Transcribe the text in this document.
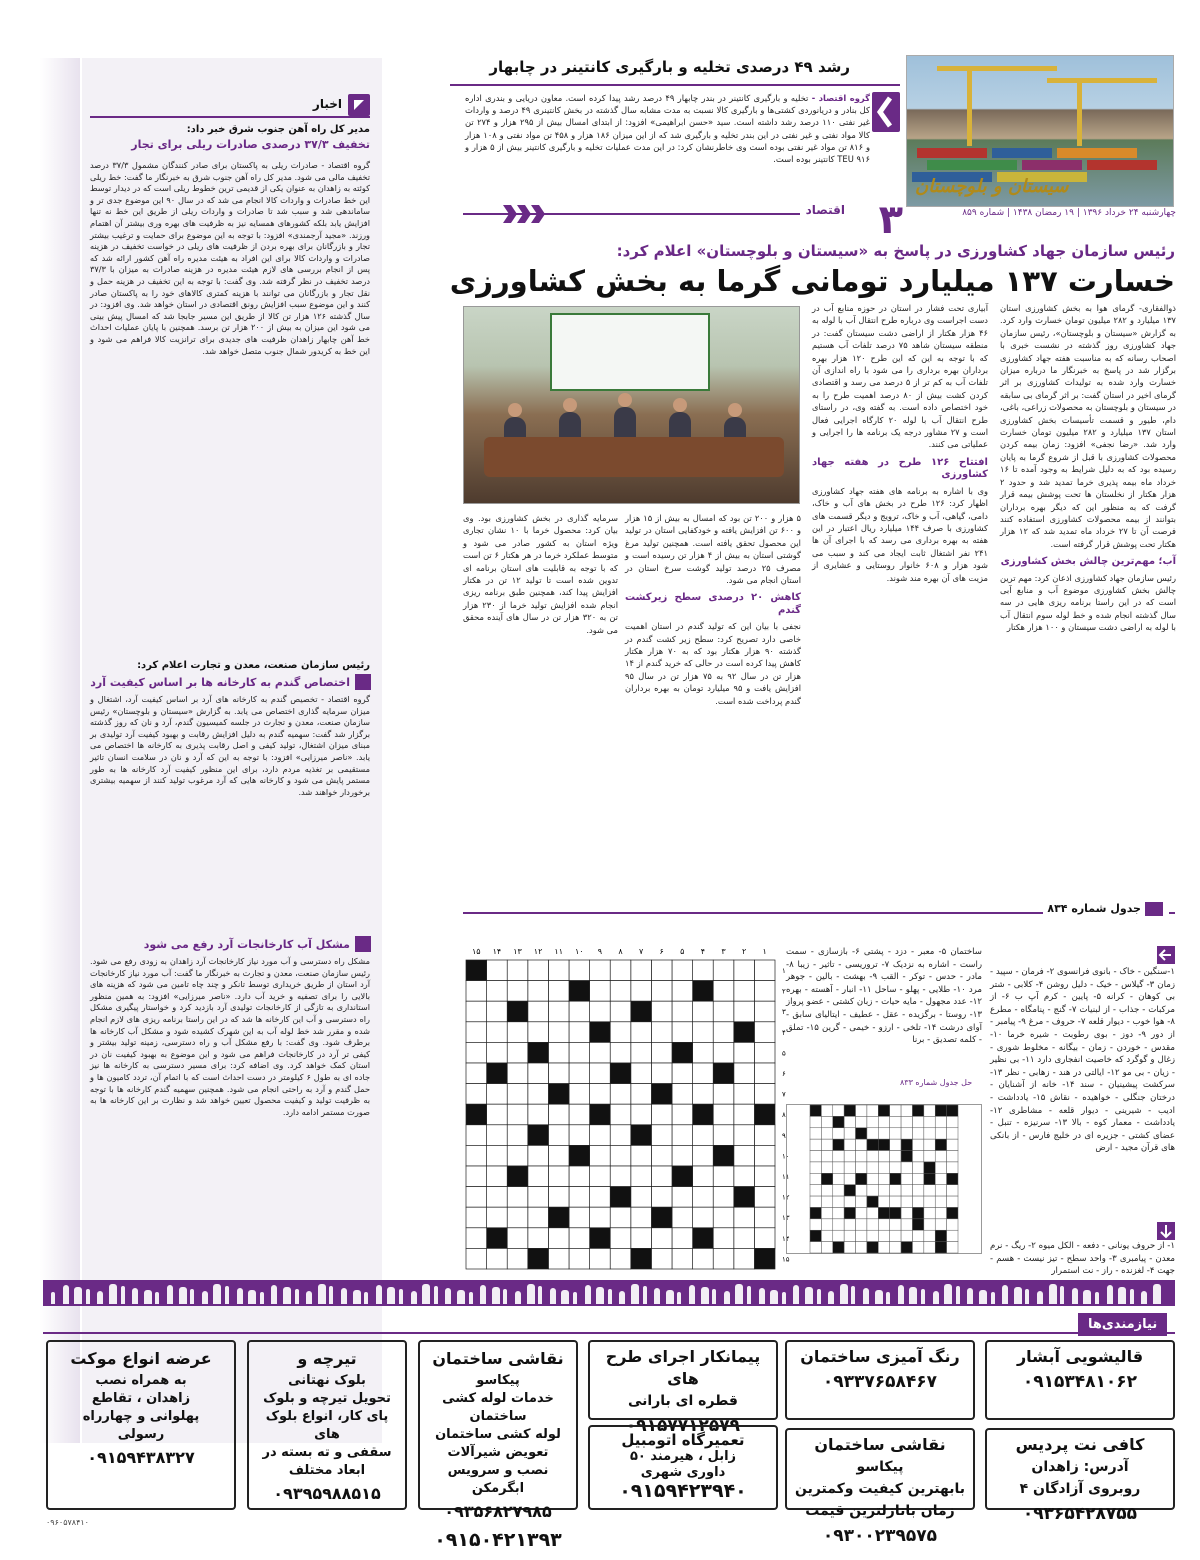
رشد ۴۹ درصدی تخلیه و بارگیری کانتینر در چابهار
گروه اقتصاد - تخلیه و بارگیری کانتینر در بندر چابهار ۴۹ درصد رشد پیدا کرده است. معاون دریایی و بندری اداره کل بنادر و دریانوردی کشتی‌ها و بارگیری کالا نسبت به مدت مشابه سال گذشته در بخش کانتینری ۴۹ درصد و واردات غیر نفتی ۱۱۰ درصد رشد داشته است. سید «حسن ابراهیمی» افزود: از ابتدای امسال بیش از ۲۹۵ هزار و ۲۷۴ تن کالا مواد نفتی و غیر نفتی در این بندر تخلیه و بارگیری شد که از این میزان ۱۸۶ هزار و ۴۵۸ تن مواد نفتی و ۱۰۸ هزار و ۸۱۶ تن مواد غیر نفتی بوده است وی خاطرنشان کرد: در این مدت عملیات تخلیه و بارگیری کانتینر بیش از ۵ هزار و ۹۱۶ TEU کانتینر بوده است.
سیستان و بلوچستان
چهارشنبه ۲۴ خرداد ۱۳۹۶ | ۱۹ رمضان ۱۴۳۸ | شماره ۸۵۹
اقتصاد ۳
رئیس سازمان جهاد کشاورزی در پاسخ به «سیستان و بلوچستان» اعلام کرد:
خسارت ۱۳۷ میلیارد تومانی گرما به بخش کشاورزی
ذوالفقاری- گرمای هوا به بخش کشاورزی استان ۱۳۷ میلیارد و ۲۸۲ میلیون تومان خسارت وارد کرد. به گزارش «سیستان و بلوچستان»، رئیس سازمان جهاد کشاورزی روز گذشته در نشست خبری با اصحاب رسانه که به مناسبت هفته جهاد کشاورزی برگزار شد در پاسخ به خبرنگار ما درباره میزان خسارت وارد شده به تولیدات کشاورزی بر اثر گرمای اخیر در استان گفت: بر اثر گرمای بی سابقه در سیستان و بلوچستان به محصولات زراعی، باغی، دام، طیور و قسمت تأسیسات بخش کشاورزی استان ۱۳۷ میلیارد و ۲۸۲ میلیون تومان خسارت وارد شد. «رضا نجفی» افزود: زمان بیمه کردن محصولات کشاورزی با قبل از شروع گرما به پایان رسیده بود که به دلیل شرایط به وجود آمده تا ۱۶ خرداد ماه بیمه پذیری خرما تمدید شد و حدود ۲ هزار هکتار از نخلستان ها تحت پوشش بیمه قرار گرفت که به منظور این که دیگر بهره برداران بتوانند از بیمه محصولات کشاورزی استفاده کنند فرصت آن تا ۲۷ خرداد ماه تمدید شد که ۱۲ هزار هکتار تحت پوشش قرار گرفته است.
آب؛ مهم‌ترین چالش بخش کشاورزی
رئیس سازمان جهاد کشاورزی اذعان کرد: مهم ترین چالش بخش کشاورزی موضوع آب و منابع آبی است که در این راستا برنامه ریزی هایی در سه سال گذشته انجام شده و خط لوله سوم انتقال آب با لوله به اراضی دشت سیستان و ۱۰۰ هزار هکتار
آبیاری تحت فشار در استان در حوزه منابع آب در دست اجراست وی درباره طرح انتقال آب با لوله به ۴۶ هزار هکتار از اراضی دشت سیستان گفت: در منطقه سیستان شاهد ۷۵ درصد تلفات آب هستیم که با توجه به این که این طرح ۱۲۰ هزار بهره برداران بهره برداری را می شود با راه اندازی آن تلفات آب به کم تر از ۵ درصد می رسد و اقتصادی کردن کشت بیش از ۸۰ درصد اهمیت طرح را به خود اختصاص داده است. به گفته وی، در راستای طرح انتقال آب با لوله ۲۰ کارگاه اجرایی فعال است و ۲۷ مشاور درجه یک برنامه ها را اجرایی و عملیاتی می کنند.
افتتاح ۱۲۶ طرح در هفته جهاد کشاورزی
وی با اشاره به برنامه های هفته جهاد کشاورزی اظهار کرد: ۱۲۶ طرح در بخش های آب و خاک، دامی، گیاهی، آب و خاک، ترویج و دیگر قسمت های کشاورزی با صرف ۱۴۴ میلیارد ریال اعتبار در این هفته به بهره برداری می رسد که با اجرای آن ها ۲۴۱ نفر اشتغال ثابت ایجاد می کند و سبب می شود هزار و ۶۰۸ خانوار روستایی و عشایری از مزیت های آن بهره مند شوند.
۵ هزار و ۲۰۰ تن بود که امسال به بیش از ۱۵ هزار و ۶۰۰ تن افزایش یافته و خودکفایی استان در تولید این محصول تحقق یافته است. همچنین تولید مرغ گوشتی استان به بیش از ۴ هزار تن رسیده است و مصرف ۲۵ درصد تولید گوشت سرخ استان در استان انجام می شود.
کاهش ۲۰ درصدی سطح زیرکشت گندم
نجفی با بیان این که تولید گندم در استان اهمیت خاصی دارد تصریح کرد: سطح زیر کشت گندم در گذشته ۹۰ هزار هکتار بود که به ۷۰ هزار هکتار کاهش پیدا کرده است در حالی که خرید گندم از ۱۴ هزار تن در سال ۹۲ به ۷۵ هزار تن در سال ۹۵ افزایش یافت و ۹۵ میلیارد تومان به بهره برداران گندم پرداخت شده است.
سرمایه گذاری در بخش کشاورزی بود. وی بیان کرد: محصول خرما با ۱۰ نشان تجاری ویژه استان به کشور صادر می شود و متوسط عملکرد خرما در هر هکتار ۶ تن است که با توجه به قابلیت های استان برنامه ای تدوین شده است تا تولید ۱۲ تن در هکتار افزایش پیدا کند، همچنین طبق برنامه ریزی انجام شده افزایش تولید خرما از ۲۳۰ هزار تن به ۳۲۰ هزار تن در سال های آینده محقق می شود.
اخبار
مدیر کل راه آهن جنوب شرق خبر داد:
تخفیف ۳۷/۳ درصدی صادرات ریلی برای تجار
گروه اقتصاد - صادرات ریلی به پاکستان برای صادر کنندگان مشمول ۳۷/۳ درصد تخفیف مالی می شود. مدیر کل راه آهن جنوب شرق به خبرنگار ما گفت: خط ریلی کوئته به زاهدان به عنوان یکی از قدیمی ترین خطوط ریلی است که در دیدار توسط این خط صادرات و واردات کالا انجام می شد که در سال ۹۰ این موضوع جدی تر و ساماندهی شد و سبب شد تا صادرات و واردات ریلی از طریق این خط نه تنها افزایش یابد بلکه کشورهای همسایه نیز به ظرفیت های بهره وری بیشتر آن اهتمام ورزند. «مجید آرجمندی» افزود: با توجه به این موضوع برای حمایت و ترغیب بیشتر تجار و بازرگانان برای بهره بردن از ظرفیت های ریلی در خواست تخفیف در هزینه صادرات و واردات کالا برای این افراد به هیئت مدیره راه آهن کشور ارائه شد که پس از انجام بررسی های لازم هیئت مدیره در هزینه صادرات به میزان با ۳۷/۳ درصد تخفیف در نظر گرفته شد. وی گفت: با توجه به این تخفیف در هزینه حمل و نقل تجار و بازرگانان می توانند با هزینه کمتری کالاهای خود را به پاکستان صادر کنند و این موضوع سبب افزایش رونق اقتصادی در استان خواهد شد. وی افزود: در سال گذشته ۱۲۶ هزار تن کالا از طریق این مسیر جابجا شد که امسال پیش بینی می شود این میزان به بیش از ۲۰۰ هزار تن برسد. همچنین با پایان عملیات احداث خط آهن چابهار زاهدان ظرفیت های جدیدی برای ترانزیت کالا فراهم می شود و این خط به کریدور شمال جنوب متصل خواهد شد.
رئیس سازمان صنعت، معدن و تجارت اعلام کرد:
اختصاص گندم به کارخانه ها بر اساس کیفیت آرد
گروه اقتصاد - تخصیص گندم به کارخانه های آرد بر اساس کیفیت آرد، اشتغال و میزان سرمایه گذاری اختصاص می یابد. به گزارش «سیستان و بلوچستان» رئیس سازمان صنعت، معدن و تجارت در جلسه کمیسیون گندم، آرد و نان که روز گذشته برگزار شد گفت: سهمیه گندم به دلیل افزایش رقابت و بهبود کیفیت آرد تولیدی بر مبنای میزان اشتغال، تولید کیفی و اصل رقابت پذیری به کارخانه ها اختصاص می یابد. «ناصر میرزایی» افزود: با توجه به این که آرد و نان در سلامت انسان تاثیر مستقیمی بر تغذیه مردم دارد، برای این منظور کیفیت آرد کارخانه ها به طور مستمر پایش می شود و کارخانه هایی که آرد مرغوب تولید کنند از سهمیه بیشتری برخوردار خواهند شد.
مشکل آب کارخانجات آرد رفع می شود
مشکل راه دسترسی و آب مورد نیاز کارخانجات آرد زاهدان به زودی رفع می شود. رئیس سازمان صنعت، معدن و تجارت به خبرنگار ما گفت: آب مورد نیاز کارخانجات آرد استان از طریق خریداری توسط تانکر و چند چاه تامین می شود که هزینه های بالایی را برای تصفیه و خرید آب دارد. «ناصر میرزایی» افزود: به همین منظور استانداری به تازگی از کارخانجات تولیدی آرد بازدید کرد و خواستار پیگیری مشکل راه دسترسی و آب این کارخانه ها شد که در این راستا برنامه ریزی های لازم انجام شده و مقرر شد خط لوله آب به این شهرک کشیده شود و مشکل آب کارخانه ها برطرف شود. وی گفت: با رفع مشکل آب و راه دسترسی، زمینه تولید بیشتر و کیفی تر آرد در کارخانجات فراهم می شود و این موضوع به بهبود کیفیت نان در استان کمک خواهد کرد. وی اضافه کرد: برای مسیر دسترسی به کارخانه ها نیز جاده ای به طول ۶ کیلومتر در دست احداث است که با اتمام آن، تردد کامیون ها و حمل گندم و آرد به راحتی انجام می شود. همچنین سهمیه گندم کارخانه ها با توجه به ظرفیت تولید و کیفیت محصول تعیین خواهد شد و نظارت بر این کارخانه ها به صورت مستمر ادامه دارد.
جدول شماره ۸۳۴
۱
۲
۳
۴
۵
۶
۷
۸
۹
۱۰
۱۱
۱۲
۱۳
۱۴
۱۵
۱
۲
۳
۴
۵
۶
۷
۸
۹
۱۰
۱۱
۱۲
۱۳
۱۴
۱۵
حل جدول شماره ۸۳۳
۱-سنگین - خاک - بانوی فرانسوی ۲- فرمان - سپید - زمان ۳- گیلاس - خیک - دلیل روشن ۴- کلابی - شتر بی کوهان - کرانه ۵- پایین - کرم آپ ب ۶- از مرکبات - جذاب - از لبنیات ۷- گنج - پنامگاه - مطرع ۸- هوا خوب - دیوار قلعه ۷- حروف - مرغ ۹- پیامبر - از دور ۹- دوز - بوی رطوبت - شیره خرما ۱۰- مقدس - خوردن - زمان - بیگانه - مخلوط شوری - زغال و گوگرد که خاصیت انفجاری دارد ۱۱- بی نظیر - زیان - بی مو ۱۲- ایالتی در هند - زهابی - نظر ۱۳- سرکشت پیشینیان - سند ۱۴- خانه از آشنایان - درختان جنگلی - خواهیده - نقاش ۱۵- یادداشت - ادیب - شیرینی - دیوار قلعه - مشاطری ۱۲- یادداشت - معمار کوه - بالا ۱۳- سرنیزه - تنبل - عضای کشتی - جزیره ای در خلیج فارس - از بانکی های قرآن مجید - ارض
ساختمان ۵- معبر - دزد - پشتی ۶- بازسازی - سمت راست - اشاره به نزدیک ۷- تروریسی - تاثیر - زیبا ۸- مادر - حدس - توکر - القب ۹- بهشت - بالین - جوهر مرد ۱۰- طلایی - پهلو - ساحل ۱۱- انبار - آهسته - بهره ۱۲- عدد مجهول - مایه حیات - زبان کشتی - عضو پرواز ۱۳- روستا - برگزیده - عقل - عطیف - ایتالیای سابق - آوای درشت ۱۴- تلخی - ارزو - خیمی - گرین ۱۵- تملق - کلمه تصدیق - برنا
۱- از حروف یونانی - دفعه - الکل میوه ۲- ریگ - نرم معدن - پیامبری ۳- واحد سطح - تیز نیست - هسم - جهت ۴- لغزنده - راز - نت استمرار
نیازمندی‌ها
قالیشویی آبشار
۰۹۱۵۳۴۸۱۰۶۲
رنگ آمیزی ساختمان
۰۹۳۳۷۶۵۸۴۶۷
پیمانکار اجرای طرح های
قطره ای بارانی
۰۹۱۵۷۷۱۲۵۷۹
نقاشی ساختمان
پیکاسو
خدمات لوله کشی ساختمان
لوله کشی ساختمان
تعویض شیرآلات
نصب و سرویس ابگرمکن
۰۹۳۵۶۸۲۷۹۸۵
۰۹۱۵۰۴۲۱۳۹۳
تیرچه و
بلوک نهتانی
تحویل تیرچه و بلوک
پای کار، انواع بلوک های
سقفی و ته بسته در
ابعاد مختلف
۰۹۳۹۵۹۸۸۵۱۵
عرضه انواع موکت
به همراه نصب
زاهدان ، تقاطع
پهلوانی و چهارراه
رسولی
۰۹۱۵۹۴۳۸۳۲۷
کافی نت پردیس
آدرس: زاهدان
روبروی آزادگان ۴
۰۹۳۶۵۴۲۸۷۵۵
نقاشی ساختمان
پیکاسو
بابهترین کیفیت وکمترین
زمان بانازلترین قیمت
۰۹۳۰۰۲۳۹۵۷۵
تعمیرگاه اتومبیل
زابل ، هیرمند ۵۰
داوری شهری
۰۹۱۵۹۴۲۳۹۴۰
۰۹۶۰۵۷۸۴۱۰
